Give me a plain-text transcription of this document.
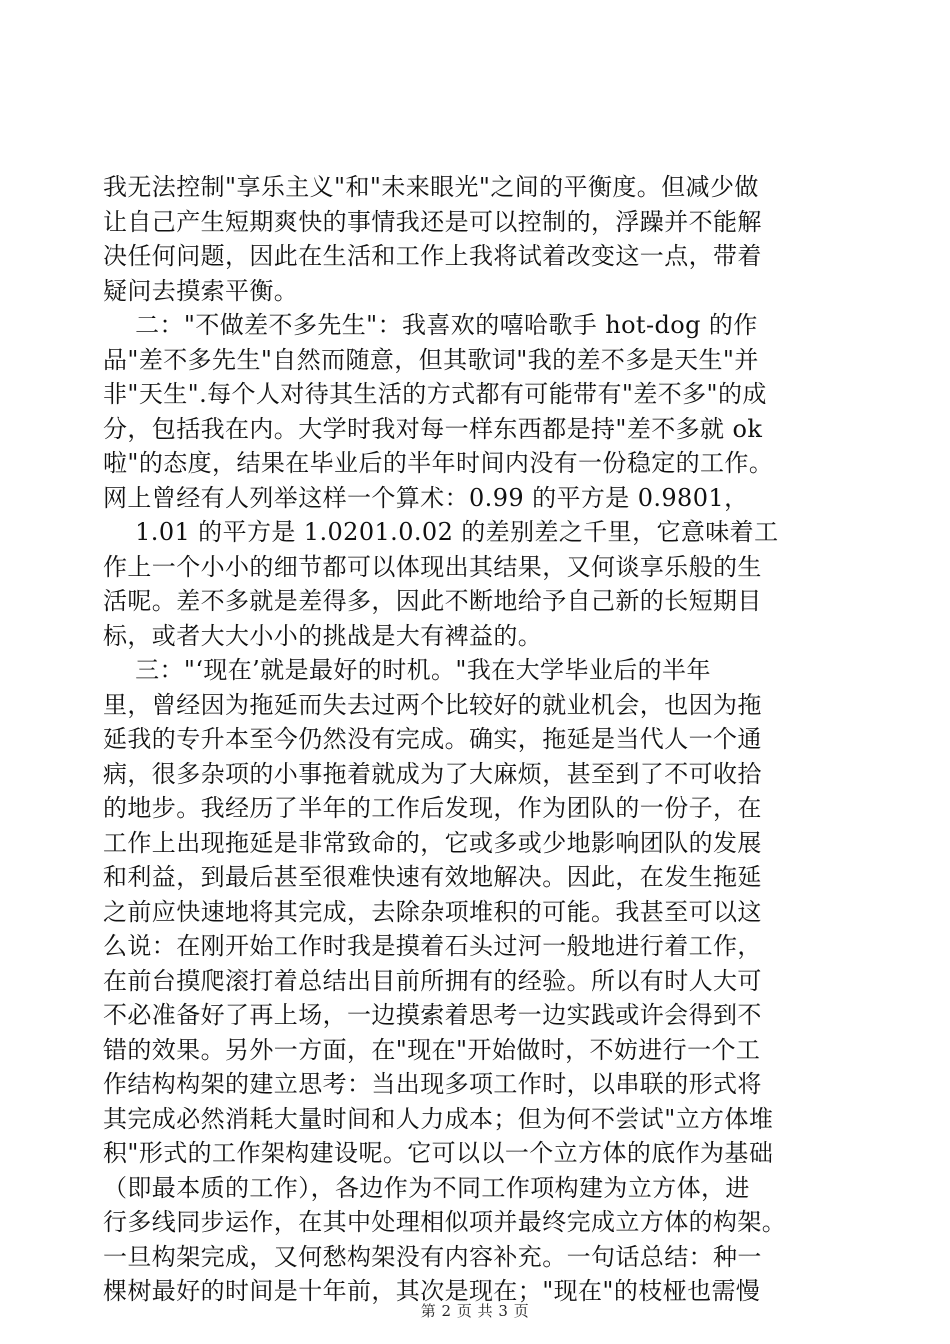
我无法控制"享乐主义"和"未来眼光"之间的平衡度。但减少做
让自己产生短期爽快的事情我还是可以控制的，浮躁并不能解
决任何问题，因此在生活和工作上我将试着改变这一点，带着
疑问去摸索平衡。
二："不做差不多先生"：我喜欢的嘻哈歌手 hot-dog 的作
品"差不多先生"自然而随意，但其歌词"我的差不多是天生"并
非"天生".每个人对待其生活的方式都有可能带有"差不多"的成
分，包括我在内。大学时我对每一样东西都是持"差不多就 ok
啦"的态度，结果在毕业后的半年时间内没有一份稳定的工作。
网上曾经有人列举这样一个算术：0.99 的平方是 0.9801，
1.01 的平方是 1.0201.0.02 的差别差之千里，它意味着工
作上一个小小的细节都可以体现出其结果，又何谈享乐般的生
活呢。差不多就是差得多，因此不断地给予自己新的长短期目
标，或者大大小小的挑战是大有裨益的。
三："‘现在’就是最好的时机。"我在大学毕业后的半年
里，曾经因为拖延而失去过两个比较好的就业机会，也因为拖
延我的专升本至今仍然没有完成。确实，拖延是当代人一个通
病，很多杂项的小事拖着就成为了大麻烦，甚至到了不可收拾
的地步。我经历了半年的工作后发现，作为团队的一份子，在
工作上出现拖延是非常致命的，它或多或少地影响团队的发展
和利益，到最后甚至很难快速有效地解决。因此，在发生拖延
之前应快速地将其完成，去除杂项堆积的可能。我甚至可以这
么说：在刚开始工作时我是摸着石头过河一般地进行着工作，
在前台摸爬滚打着总结出目前所拥有的经验。所以有时人大可
不必准备好了再上场，一边摸索着思考一边实践或许会得到不
错的效果。另外一方面，在"现在"开始做时，不妨进行一个工
作结构构架的建立思考：当出现多项工作时，以串联的形式将
其完成必然消耗大量时间和人力成本；但为何不尝试"立方体堆
积"形式的工作架构建设呢。它可以以一个立方体的底作为基础
（即最本质的工作），各边作为不同工作项构建为立方体，进
行多线同步运作，在其中处理相似项并最终完成立方体的构架。
一旦构架完成，又何愁构架没有内容补充。一句话总结：种一
棵树最好的时间是十年前，其次是现在；"现在"的枝桠也需慢
第 2 页 共 3 页
